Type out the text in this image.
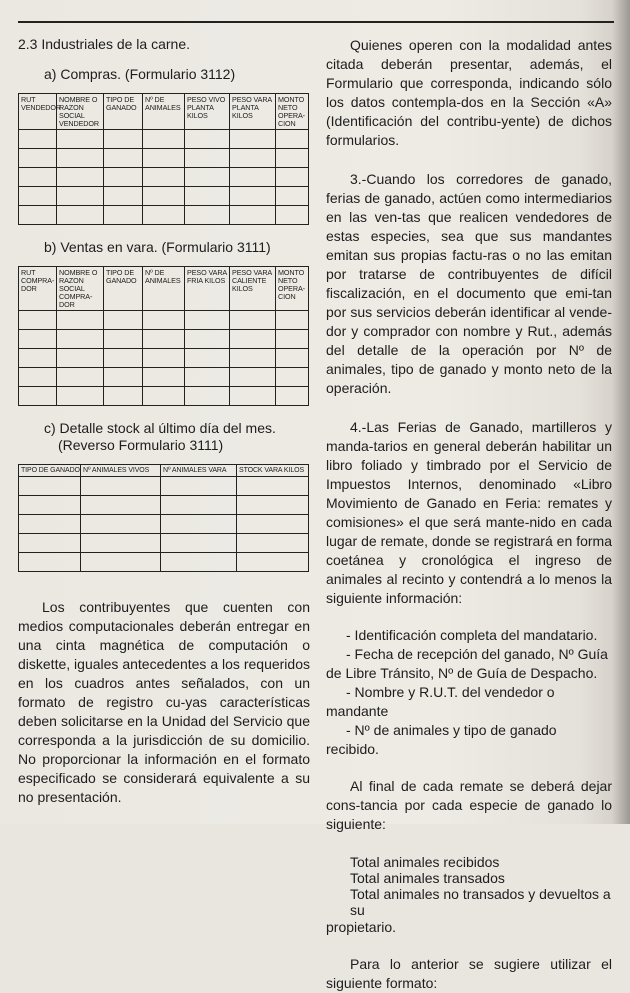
2.3 Industriales de la carne.
a) Compras. (Formulario 3112)
RUT VENDEDOR	NOMBRE O RAZON SOCIAL VENDEDOR	TIPO DE GANADO	Nº DE ANIMALES	PESO VIVO PLANTA KILOS	PESO VARA PLANTA KILOS	MONTO NETO OPERA- CION

b) Ventas en vara. (Formulario 3111)
RUT COMPRA- DOR	NOMBRE O RAZON SOCIAL COMPRA- DOR	TIPO DE GANADO	Nº DE ANIMALES	PESO VARA FRIA KILOS	PESO VARA CALIENTE KILOS	MONTO NETO OPERA- CION

c) Detalle stock al último día del mes.
(Reverso Formulario 3111)
TIPO DE GANADO	Nº ANIMALES VIVOS	Nº ANIMALES VARA	STOCK VARA KILOS

Los contribuyentes que cuenten con medios computacionales deberán entregar en una cinta magnética de computación o diskette, iguales antecedentes a los requeridos en los cuadros antes señalados, con un formato de registro cu-yas características deben solicitarse en la Unidad del Servicio que corresponda a la jurisdicción de su domicilio. No proporcionar la información en el formato especificado se considerará equivalente a su no presentación.

Quienes operen con la modalidad antes citada deberán presentar, además, el Formulario que corresponda, indicando sólo los datos contempla-dos en la Sección «A» (Identificación del contribu-yente) de dichos formularios.

3.-Cuando los corredores de ganado, ferias de ganado, actúen como intermediarios en las ven-tas que realicen vendedores de estas especies, sea que sus mandantes emitan sus propias factu-ras o no las emitan por tratarse de contribuyentes de difícil fiscalización, en el documento que emi-tan por sus servicios deberán identificar al vende-dor y comprador con nombre y Rut., además del detalle de la operación por Nº de animales, tipo de ganado y monto neto de la operación.

4.-Las Ferias de Ganado, martilleros y manda-tarios en general deberán habilitar un libro foliado y timbrado por el Servicio de Impuestos Internos, denominado «Libro Movimiento de Ganado en Feria: remates y comisiones» el que será mante-nido en cada lugar de remate, donde se registrará en forma coetánea y cronológica el ingreso de animales al recinto y contendrá a lo menos la siguiente información:

- Identificación completa del mandatario.

- Fecha de recepción del ganado, Nº Guía de Libre Tránsito, Nº de Guía de Despacho.

- Nombre y R.U.T. del vendedor o mandante

- Nº de animales y tipo de ganado recibido.

Al final de cada remate se deberá dejar cons-tancia por cada especie de ganado lo siguiente:

Total animales recibidos

Total animales transados

Total animales no transados y devueltos a su

propietario.

Para lo anterior se sugiere utilizar el siguiente formato:
